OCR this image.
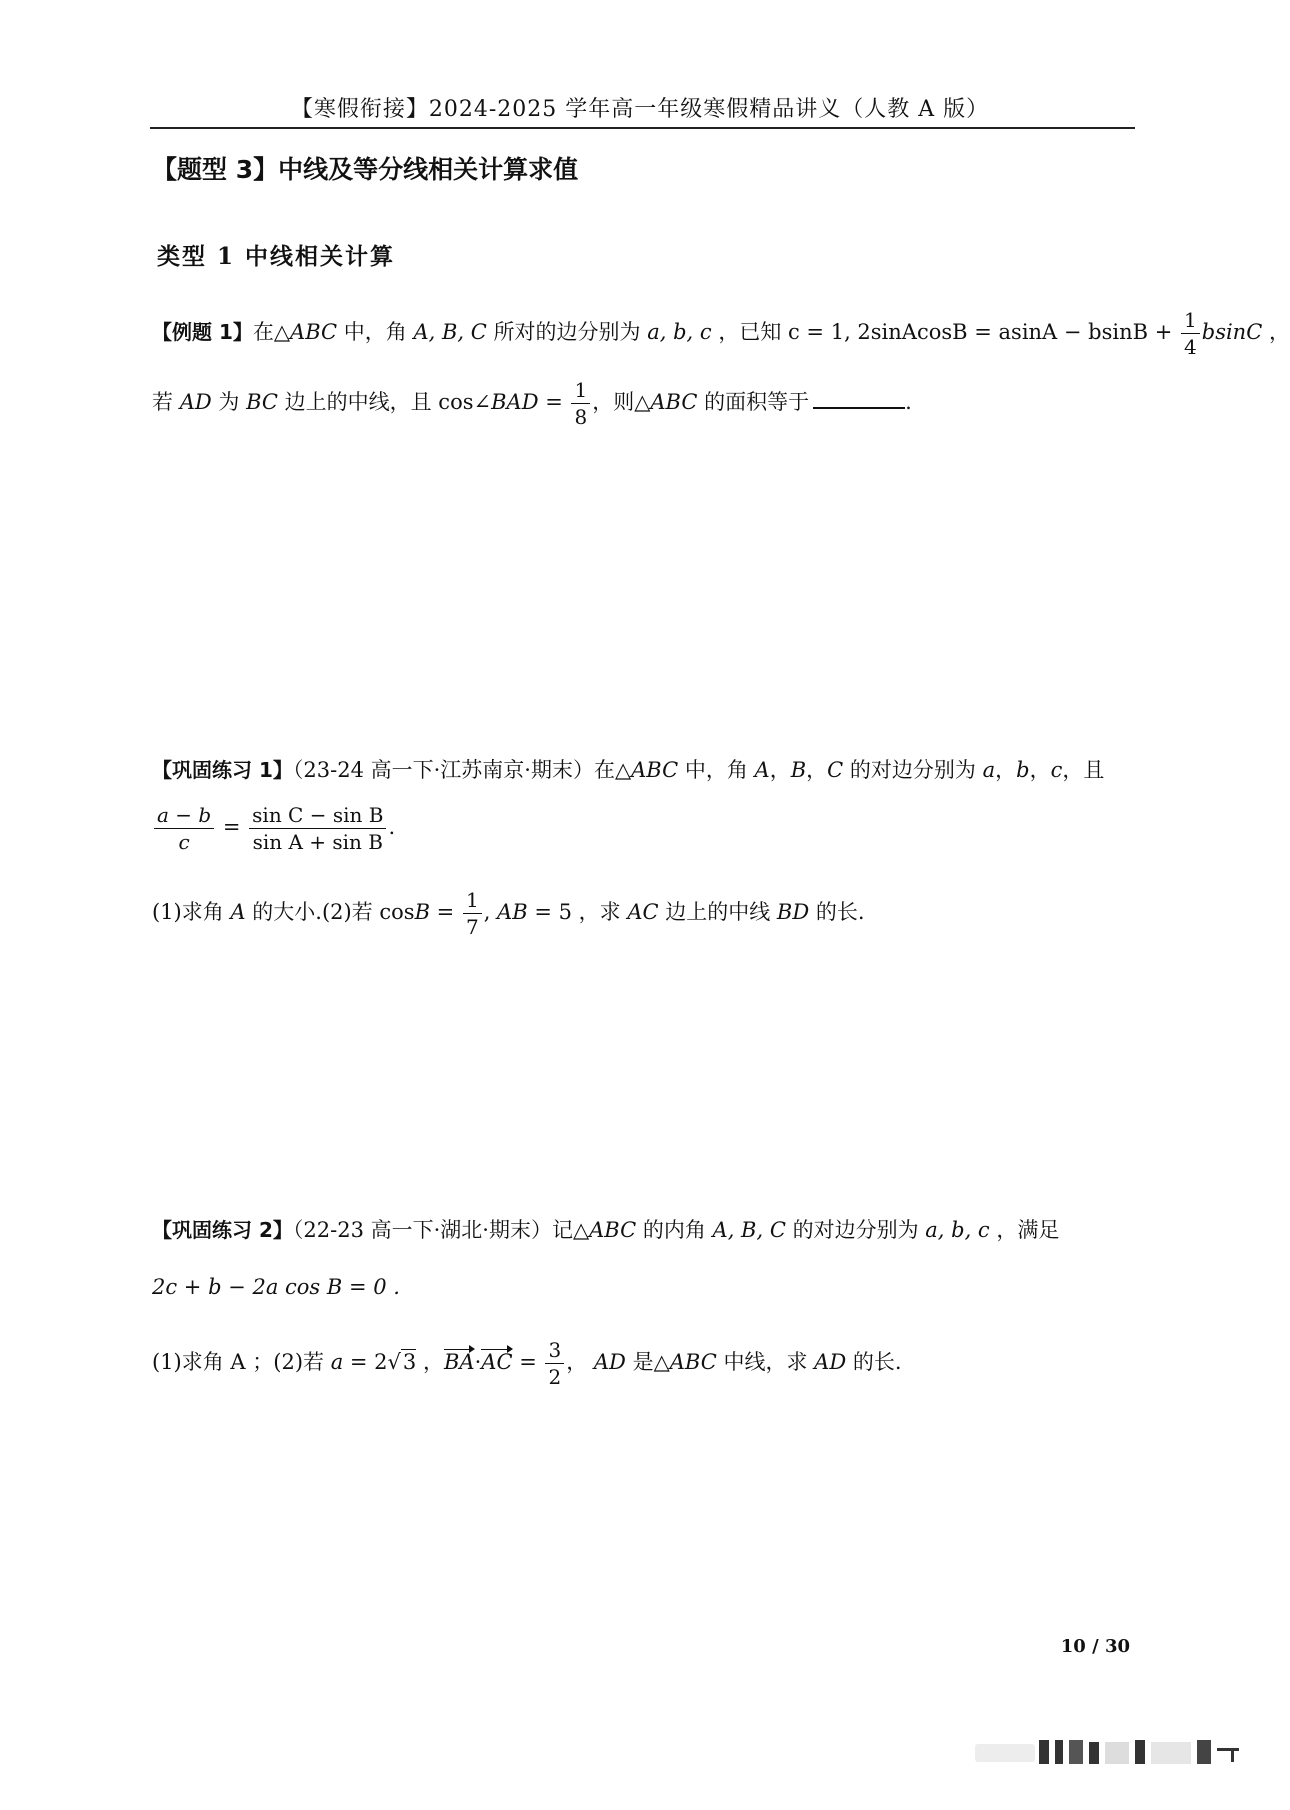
【寒假衔接】2024-2025 学年高一年级寒假精品讲义（人教 A 版）
【题型 3】中线及等分线相关计算求值
类型 1 中线相关计算
【例题 1】在△ABC 中，角 A, B, C 所对的边分别为 a, b, c ，已知 c = 1, 2sinAcosB = $asinA - bsinB + \frac{1}{4}$ bsinC ，
若 AD 为 BC 边上的中线，且 cos∠BAD = $\frac{1}{8}$ ，则△ABC 的面积等于	.
【巩固练习 1】（23-24 高一下·江苏南京·期末）在△ABC 中，角 A，B，C 的对边分别为 a，b，c，且
$\frac{a - b}{c} = \frac{\text{sin C − sin B}}{\text{sin A + sin B}}$ .
(1)求角 A 的大小.(2)若 $\cos B = \frac{1}{7}$ , AB = 5 ，求 AC 边上的中线 BD 的长.
【巩固练习 2】（22-23 高一下·湖北·期末）记△ABC 的内角 A, B, C 的对边分别为 a, b, c ，满足
2c + b − 2a cos B = 0 .
(1)求角 A ；(2)若 a = 2√3 ，$BA\cdot AC = \frac{3}{2}$ ， AD 是△ABC 中线，求 AD 的长.
10 / 30
